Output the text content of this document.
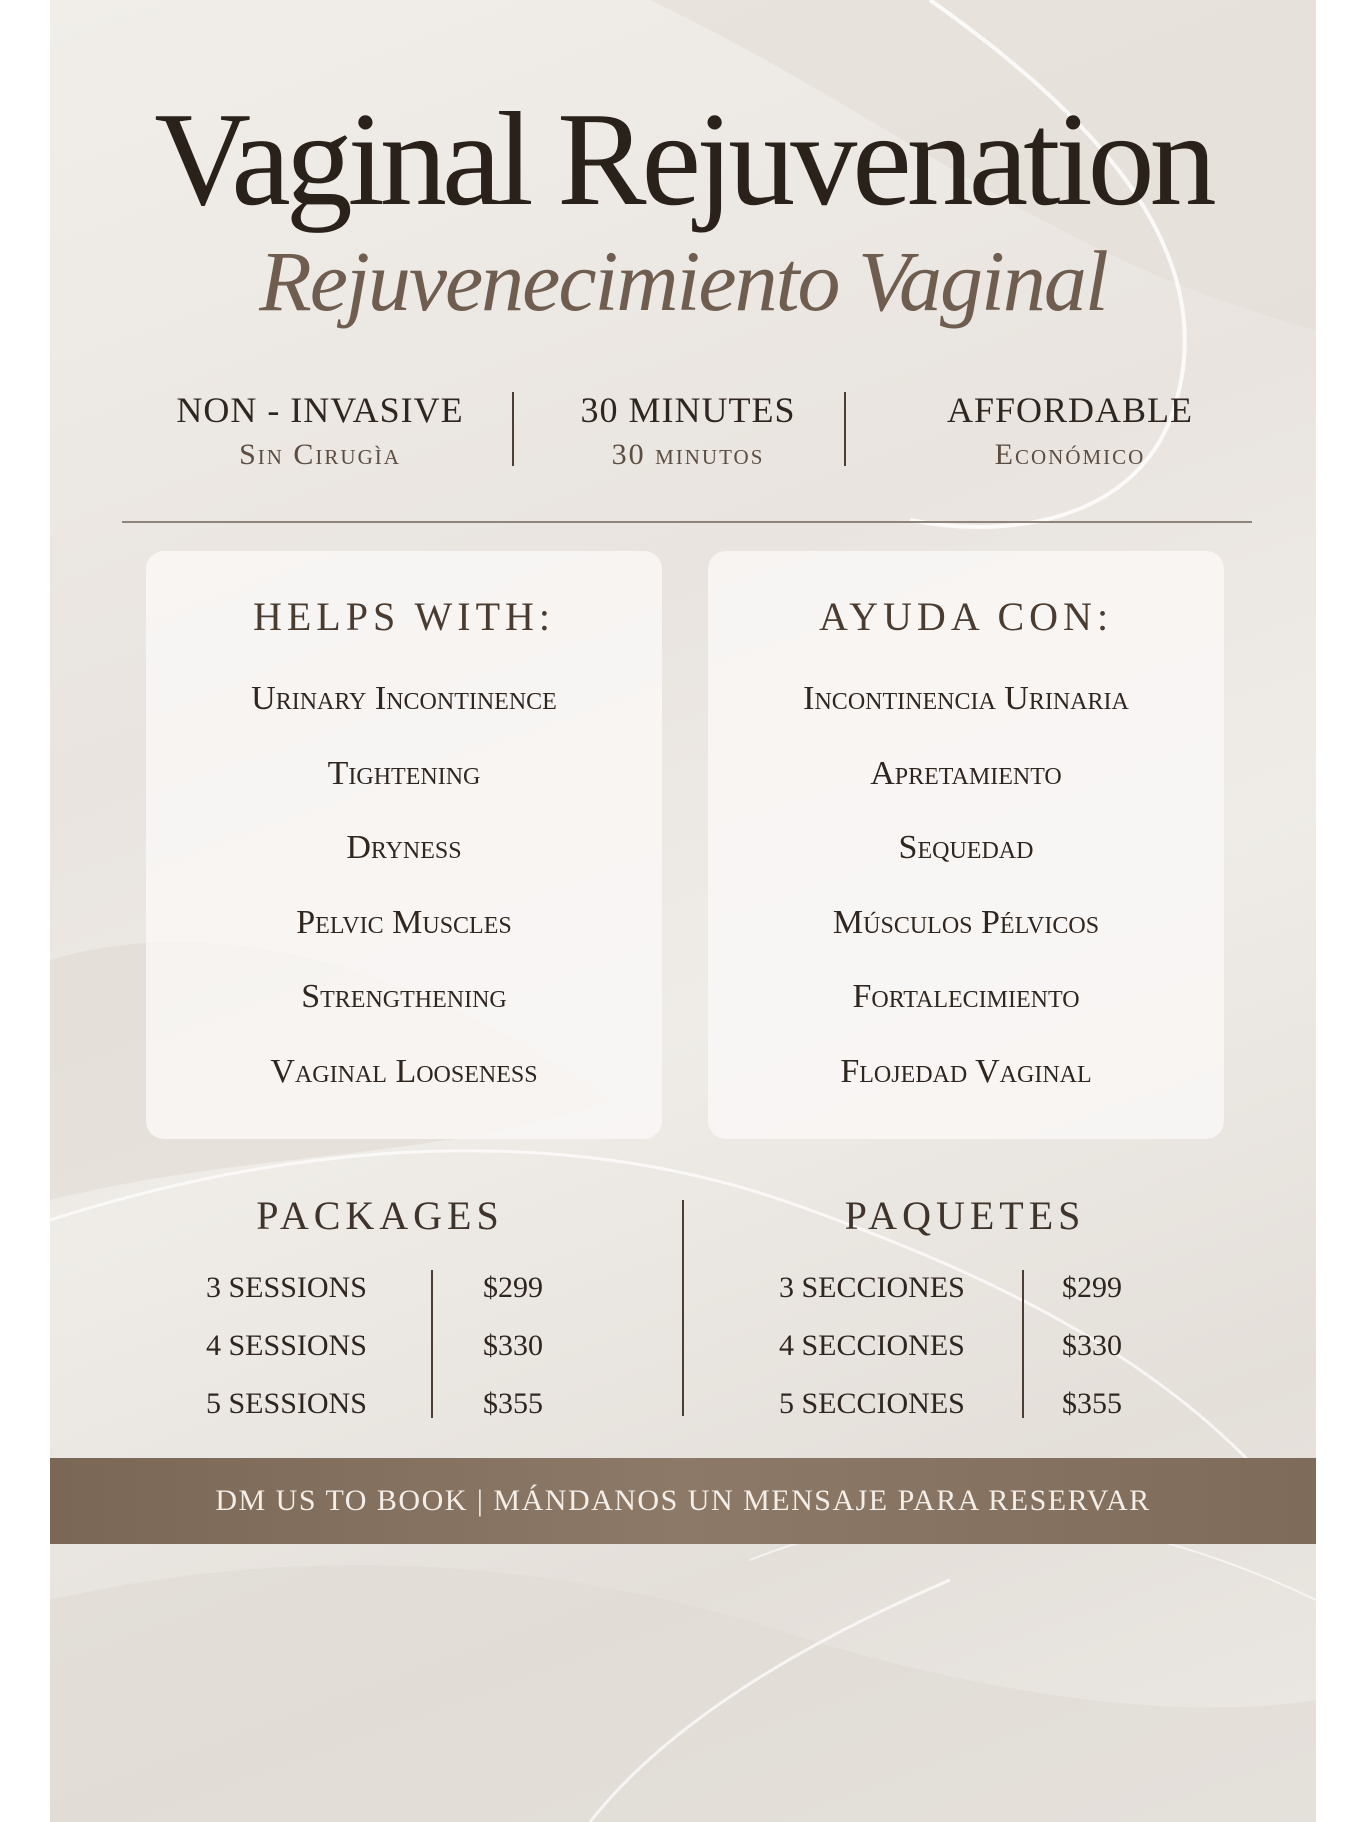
Vaginal Rejuvenation
Rejuvenecimiento Vaginal
NON - INVASIVE
Sin Cirugìa
30 MINUTES
30 minutos
AFFORDABLE
Económico
HELPS WITH:
Urinary Incontinence
Tightening
Dryness
Pelvic Muscles
Strengthening
Vaginal Looseness
AYUDA CON:
Incontinencia Urinaria
Apretamiento
Sequedad
Músculos Pélvicos
Fortalecimiento
Flojedad Vaginal
PACKAGES
3 SESSIONS	$299
4 SESSIONS	$330
5 SESSIONS	$355
PAQUETES
3 SECCIONES	$299
4 SECCIONES	$330
5 SECCIONES	$355
DM US TO BOOK | MÁNDANOS UN MENSAJE PARA RESERVAR
